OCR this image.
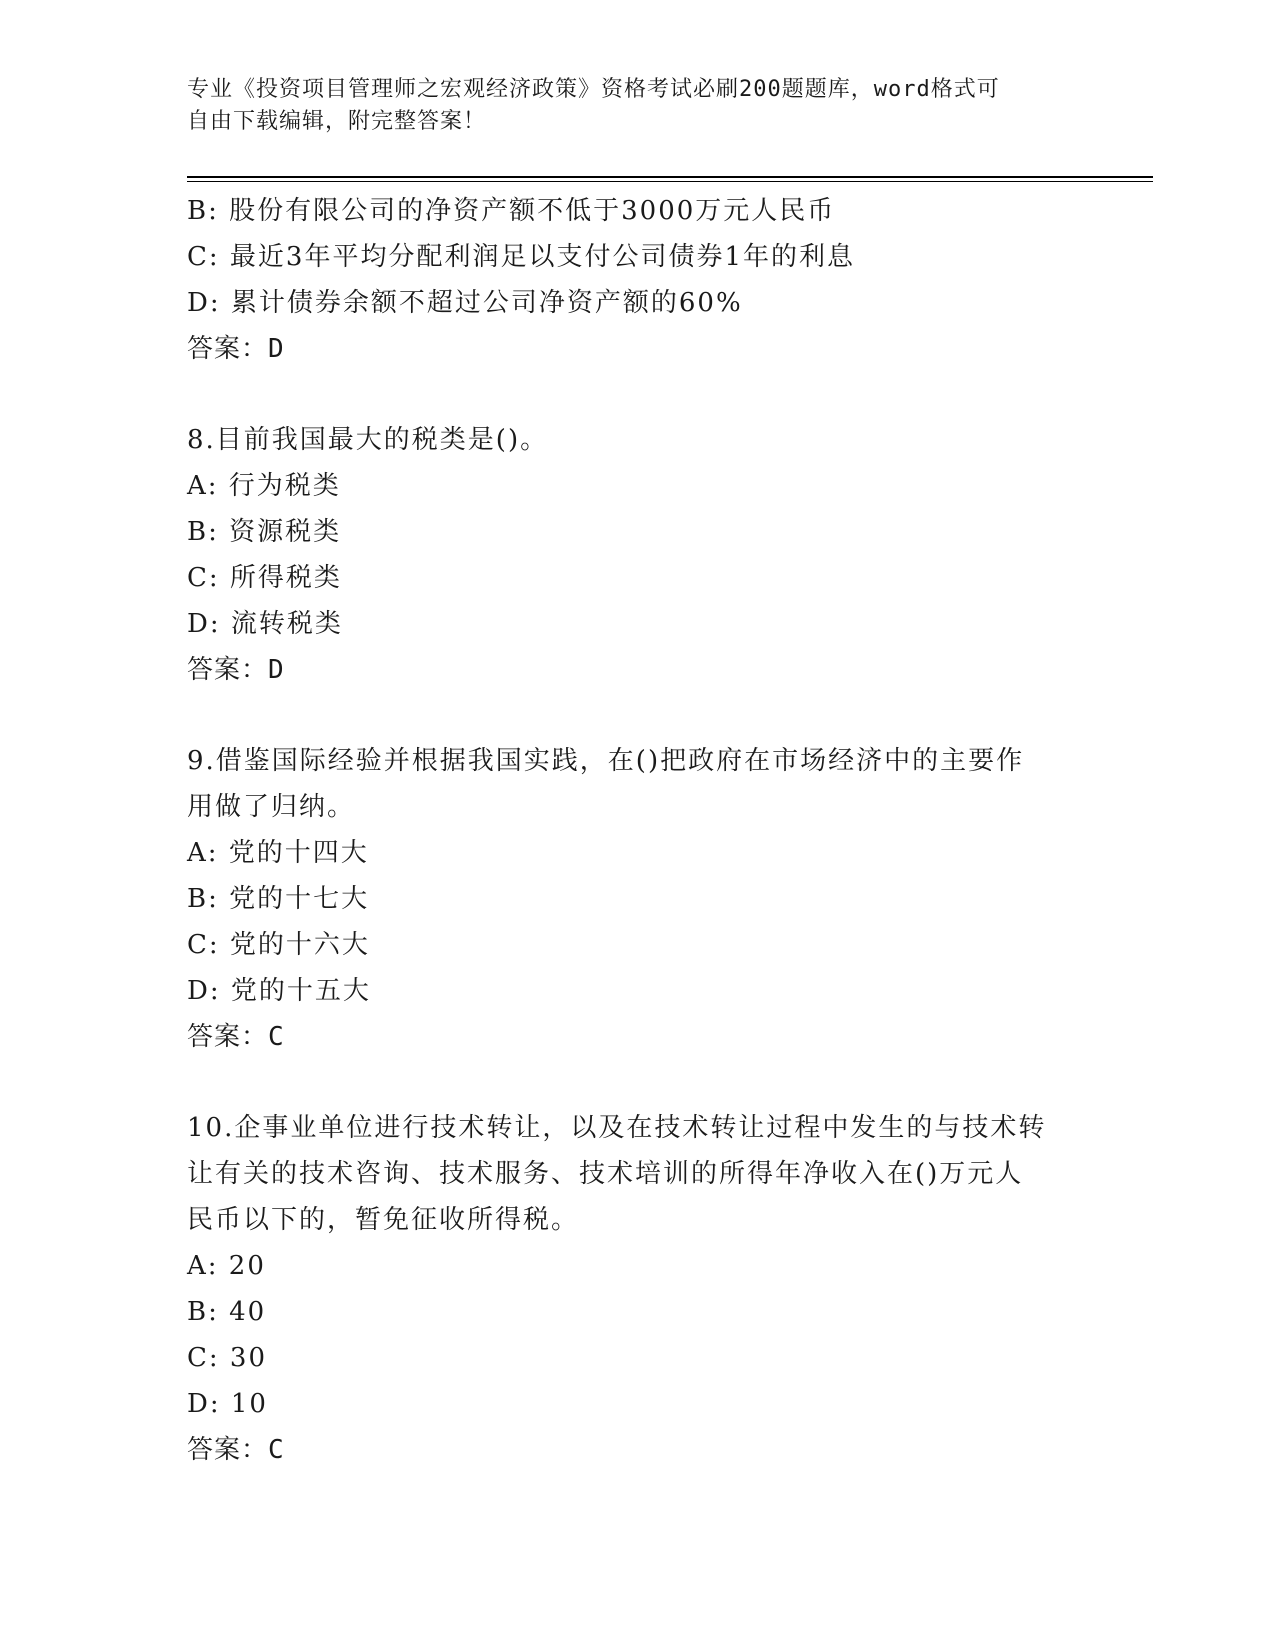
专业《投资项目管理师之宏观经济政策》资格考试必刷200题题库，word格式可
自由下载编辑，附完整答案！
B: 股份有限公司的净资产额不低于3000万元人民币
C: 最近3年平均分配利润足以支付公司债券1年的利息
D: 累计债券余额不超过公司净资产额的60%
答案：D
8.目前我国最大的税类是()。
A: 行为税类
B: 资源税类
C: 所得税类
D: 流转税类
答案：D
9.借鉴国际经验并根据我国实践，在()把政府在市场经济中的主要作
用做了归纳。
A: 党的十四大
B: 党的十七大
C: 党的十六大
D: 党的十五大
答案：C
10.企事业单位进行技术转让，以及在技术转让过程中发生的与技术转
让有关的技术咨询、技术服务、技术培训的所得年净收入在()万元人
民币以下的，暂免征收所得税。
A: 20
B: 40
C: 30
D: 10
答案：C
